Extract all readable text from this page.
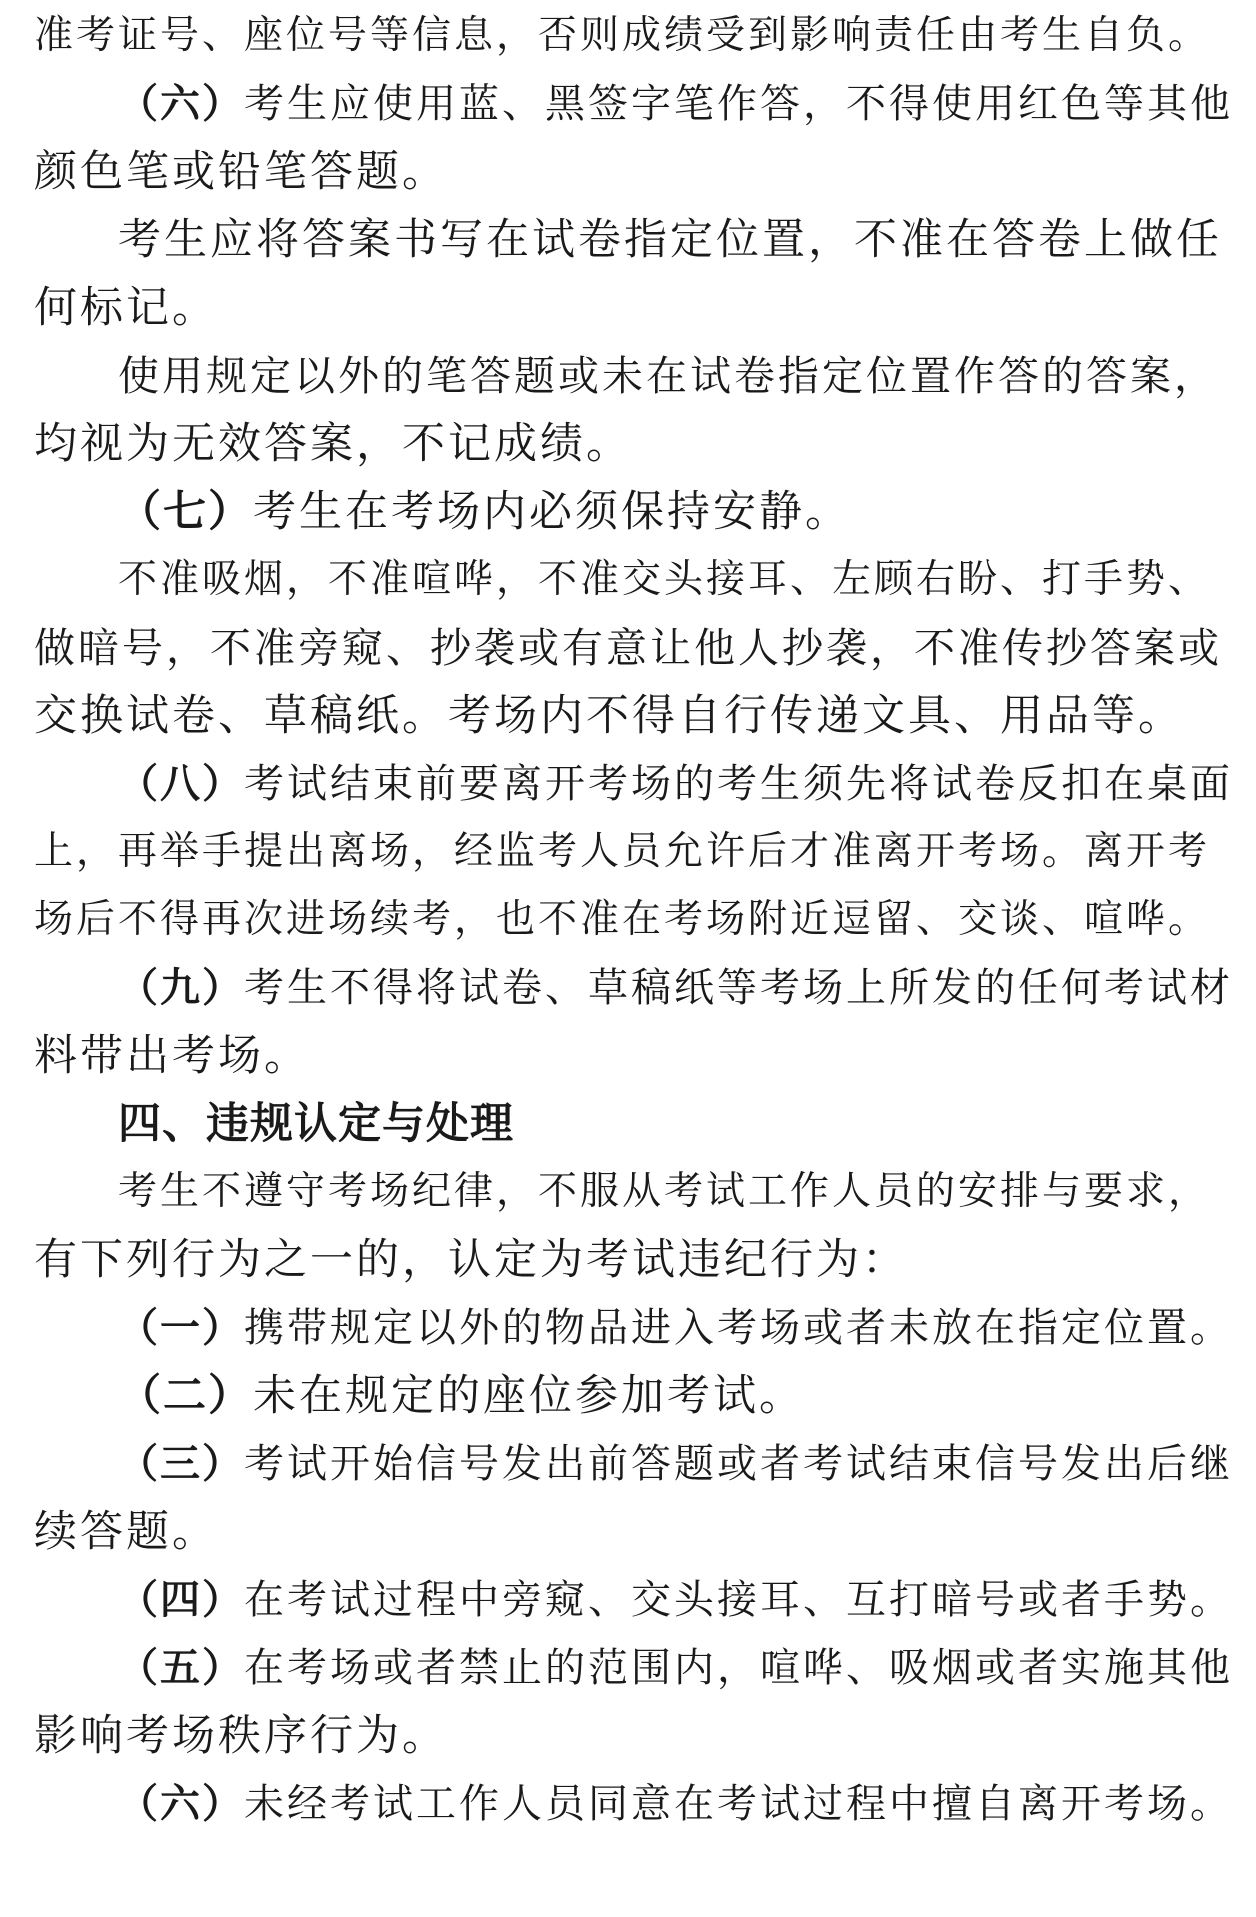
准考证号、座位号等信息，否则成绩受到影响责任由考生自负。
（六）考生应使用蓝、黑签字笔作答，不得使用红色等其他
颜色笔或铅笔答题。
考生应将答案书写在试卷指定位置，不准在答卷上做任
何标记。
使用规定以外的笔答题或未在试卷指定位置作答的答案，
均视为无效答案，不记成绩。
（七）考生在考场内必须保持安静。
不准吸烟，不准喧哗，不准交头接耳、左顾右盼、打手势、
做暗号，不准旁窥、抄袭或有意让他人抄袭，不准传抄答案或
交换试卷、草稿纸。考场内不得自行传递文具、用品等。
（八）考试结束前要离开考场的考生须先将试卷反扣在桌面
上，再举手提出离场，经监考人员允许后才准离开考场。离开考
场后不得再次进场续考，也不准在考场附近逗留、交谈、喧哗。
（九）考生不得将试卷、草稿纸等考场上所发的任何考试材
料带出考场。
四、违规认定与处理
考生不遵守考场纪律，不服从考试工作人员的安排与要求，
有下列行为之一的，认定为考试违纪行为：
（一）携带规定以外的物品进入考场或者未放在指定位置。
（二）未在规定的座位参加考试。
（三）考试开始信号发出前答题或者考试结束信号发出后继
续答题。
（四）在考试过程中旁窥、交头接耳、互打暗号或者手势。
（五）在考场或者禁止的范围内，喧哗、吸烟或者实施其他
影响考场秩序行为。
（六）未经考试工作人员同意在考试过程中擅自离开考场。
